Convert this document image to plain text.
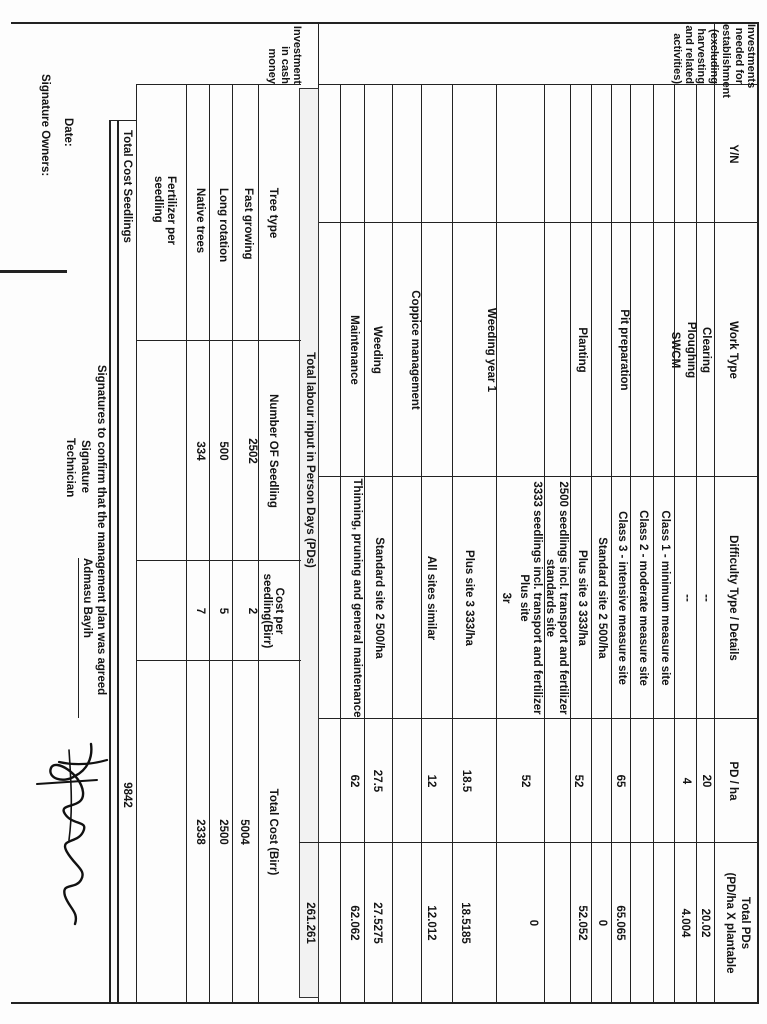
Investments needed for establishment (excluding harvesting and related activities)
Investment in cash money
Y/N
Work Type
Difficulty Type / Details
PD / ha
Total PDs
(PD/ha X plantable
Clearing
Ploughing
SWCM
Pit preparation
Planting
Weeding year 1
Coppice management
Weeding
Maintenance
--
--
Class 1 - minimum measure site
Class 2 - moderate measure site
Class 3 - intensive measure site
Standard site 2 500/ha
Plus site 3 333/ha
2500 seedlings incl. transport and fertilizer standards site
3333 seedlings incl. transport and fertilizer Plus site
3r
Plus site 3 333/ha
All sites similar
Standard site 2 500/ha
Thinning, pruning and general maintenance
20
4
65
52
52
18.5
12
27.5
62
20.02
4.004
65.065
0
52.052
0
18.5185
12.012
27.5275
62.062
Total labour input in Person Days (PDs)
261.261
Tree type
Number OF Seedling
Cost per
seedling(Birr)
Total Cost (Birr)
Fast growing
2502
2
5004
Long rotation
500
5
2500
Native trees
334
7
2338
Fertilizer per seedling
Total Cost Seedlings
9842
Signatures to confirm that the management plan was agreed
Signature
Technician
Admasu Bayih
Date:
Signature Owners:
